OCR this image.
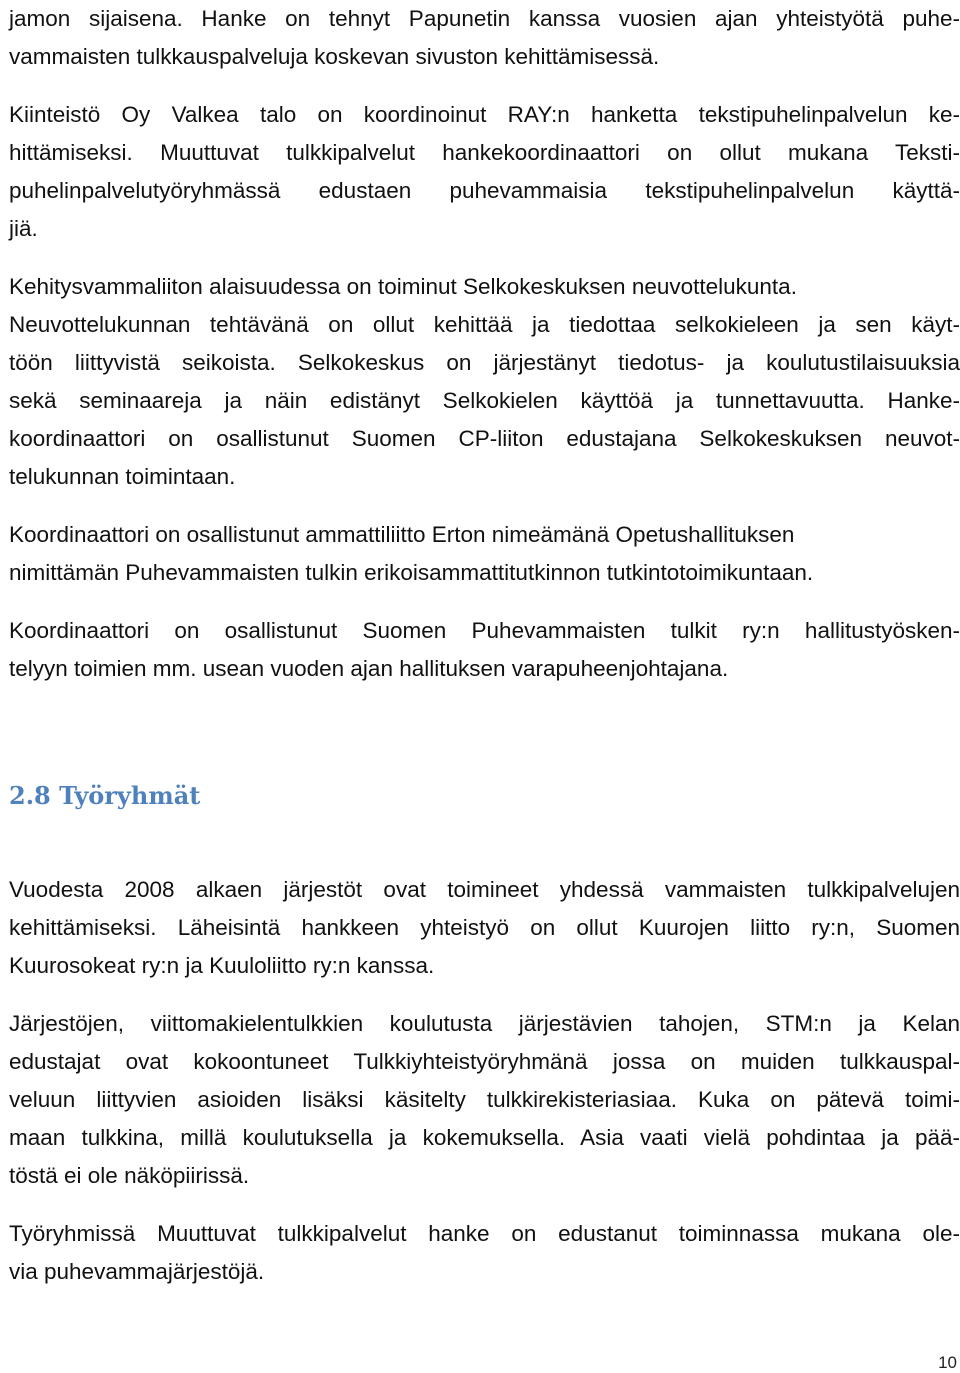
jamon sijaisena. Hanke on tehnyt Papunetin kanssa vuosien ajan yhteistyötä puhe-
vammaisten tulkkauspalveluja koskevan sivuston kehittämisessä.
Kiinteistö Oy Valkea talo on koordinoinut RAY:n hanketta tekstipuhelinpalvelun ke-
hittämiseksi. Muuttuvat tulkkipalvelut hankekoordinaattori on ollut mukana Teksti-
puhelinpalvelutyöryhmässä edustaen puhevammaisia tekstipuhelinpalvelun käyttä-
jiä.
Kehitysvammaliiton alaisuudessa on toiminut Selkokeskuksen neuvottelukunta.
Neuvottelukunnan tehtävänä on ollut kehittää ja tiedottaa selkokieleen ja sen käyt-
töön liittyvistä seikoista. Selkokeskus on järjestänyt tiedotus- ja koulutustilaisuuksia
sekä seminaareja ja näin edistänyt Selkokielen käyttöä ja tunnettavuutta. Hanke-
koordinaattori on osallistunut Suomen CP-liiton edustajana Selkokeskuksen neuvot-
telukunnan toimintaan.
Koordinaattori on osallistunut ammattiliitto Erton nimeämänä Opetushallituksen
nimittämän Puhevammaisten tulkin erikoisammattitutkinnon tutkintotoimikuntaan.
Koordinaattori on osallistunut Suomen Puhevammaisten tulkit ry:n hallitustyösken-
telyyn toimien mm. usean vuoden ajan hallituksen varapuheenjohtajana.
Vuodesta 2008 alkaen järjestöt ovat toimineet yhdessä vammaisten tulkkipalvelujen
kehittämiseksi. Läheisintä hankkeen yhteistyö on ollut Kuurojen liitto ry:n, Suomen
Kuurosokeat ry:n ja Kuuloliitto ry:n kanssa.
Järjestöjen, viittomakielentulkkien koulutusta järjestävien tahojen, STM:n ja Kelan
edustajat ovat kokoontuneet Tulkkiyhteistyöryhmänä jossa on muiden tulkkauspal-
veluun liittyvien asioiden lisäksi käsitelty tulkkirekisteriasiaa. Kuka on pätevä toimi-
maan tulkkina, millä koulutuksella ja kokemuksella. Asia vaati vielä pohdintaa ja pää-
töstä ei ole näköpiirissä.
Työryhmissä Muuttuvat tulkkipalvelut hanke on edustanut toiminnassa mukana ole-
via puhevammajärjestöjä.
2.8 Työryhmät
10
